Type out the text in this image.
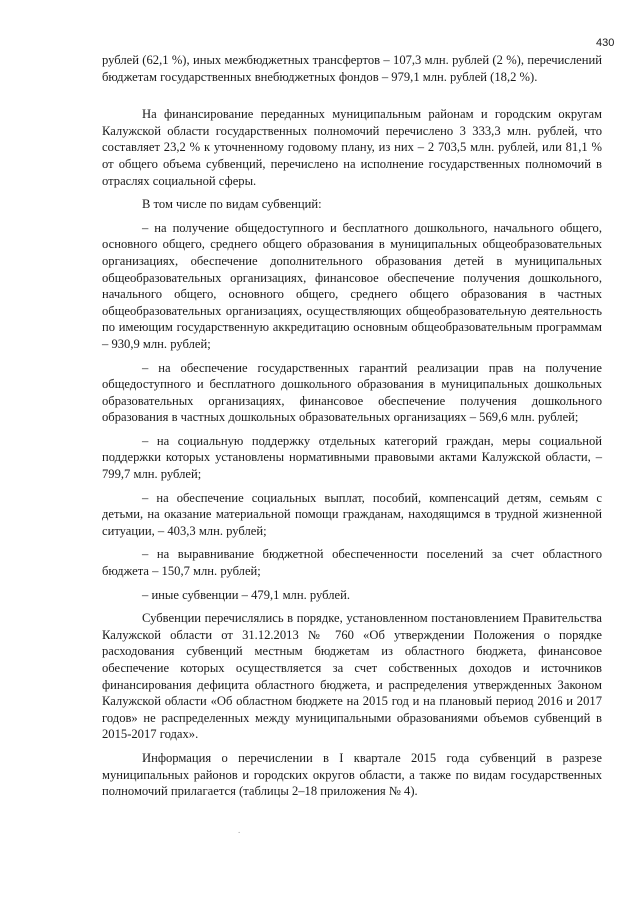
430

рублей (62,1 %), иных межбюджетных трансфертов – 107,3 млн. рублей (2 %), перечислений бюджетам государственных внебюджетных фондов – 979,1 млн. рублей (18,2 %).

На финансирование переданных муниципальным районам и городским округам Калужской области государственных полномочий перечислено 3 333,3 млн. рублей, что составляет 23,2 % к уточненному годовому плану, из них – 2 703,5 млн. рублей, или 81,1 % от общего объема субвенций, перечислено на исполнение государственных полномочий в отраслях социальной сферы.

В том числе по видам субвенций:

– на получение общедоступного и бесплатного дошкольного, начального общего, основного общего, среднего общего образования в муниципальных общеобразовательных организациях, обеспечение дополнительного образования детей в муниципальных общеобразовательных организациях, финансовое обеспечение получения дошкольного, начального общего, основного общего, среднего общего образования в частных общеобразовательных организациях, осуществляющих общеобразовательную деятельность по имеющим государственную аккредитацию основным общеобразовательным программам – 930,9 млн. рублей;

– на обеспечение государственных гарантий реализации прав на получение общедоступного и бесплатного дошкольного образования в муниципальных дошкольных образовательных организациях, финансовое обеспечение получения дошкольного образования в частных дошкольных образовательных организациях – 569,6 млн. рублей;

– на социальную поддержку отдельных категорий граждан, меры социальной поддержки которых установлены нормативными правовыми актами Калужской области, – 799,7 млн. рублей;

– на обеспечение социальных выплат, пособий, компенсаций детям, семьям с детьми, на оказание материальной помощи гражданам, находящимся в трудной жизненной ситуации, – 403,3 млн. рублей;

– на выравнивание бюджетной обеспеченности поселений за счет областного бюджета – 150,7 млн. рублей;

– иные субвенции – 479,1 млн. рублей.

Субвенции перечислялись в порядке, установленном постановлением Правительства Калужской области от 31.12.2013 № 760 «Об утверждении Положения о порядке расходования субвенций местным бюджетам из областного бюджета, финансовое обеспечение которых осуществляется за счет собственных доходов и источников финансирования дефицита областного бюджета, и распределения утвержденных Законом Калужской области «Об областном бюджете на 2015 год и на плановый период 2016 и 2017 годов» не распределенных между муниципальными образованиями объемов субвенций в 2015-2017 годах».

Информация о перечислении в I квартале 2015 года субвенций в разрезе муниципальных районов и городских округов области, а также по видам государственных полномочий прилагается (таблицы 2–18 приложения № 4).

.
